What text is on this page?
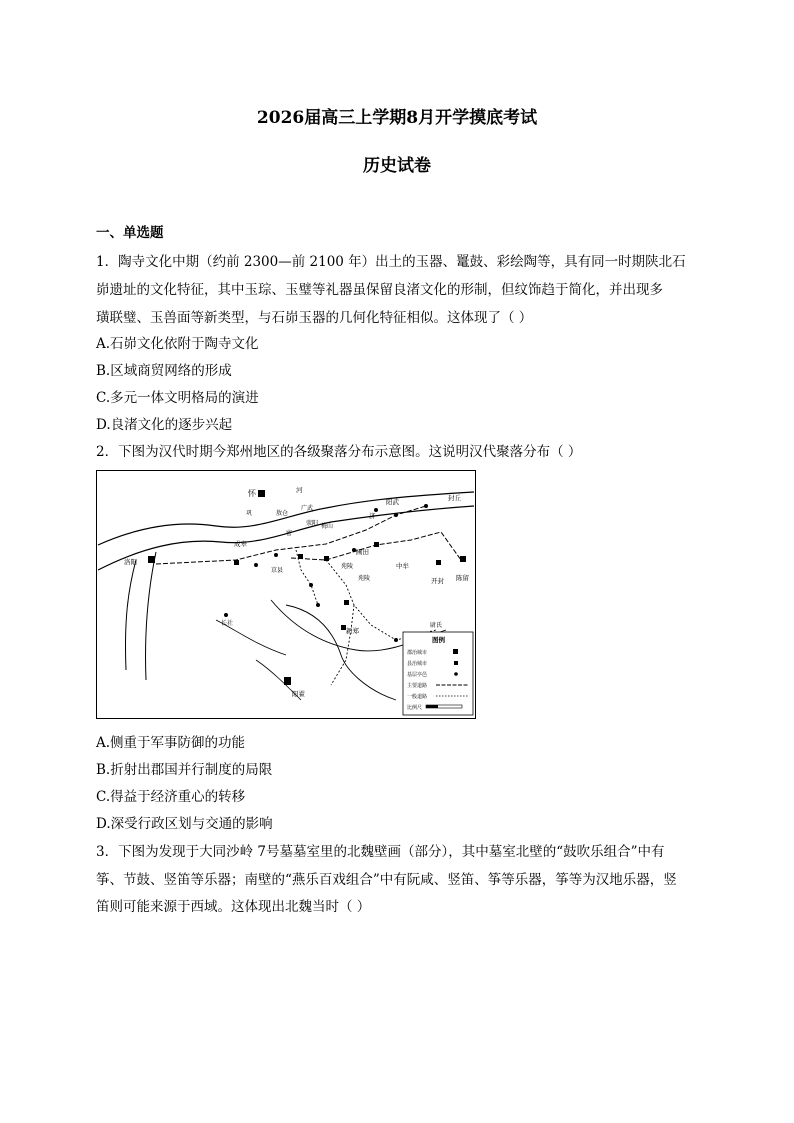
2026届高三上学期8月开学摸底考试
历史试卷
一、单选题
1．陶寺文化中期（约前 2300—前 2100 年）出土的玉器、鼍鼓、彩绘陶等，具有同一时期陕北石
峁遗址的文化特征，其中玉琮、玉璧等礼器虽保留良渚文化的形制，但纹饰趋于简化，并出现多
璜联璧、玉兽面等新类型，与石峁玉器的几何化特征相似。这体现了（ ）
A.石峁文化依附于陶寺文化
B.区域商贸网络的形成
C.多元一体文明格局的演进
D.良渚文化的逐步兴起
2．下图为汉代时期今郑州地区的各级聚落分布示意图。这说明汉代聚落分布（ ）
怀	河
敖仓
广武
阳武	封丘
济
荥阳
成皋
京县
梅山
巩
密
苑陵	中牟
开封 陈留
洛阳
新郑
阳翟
尉氏
苑陵
圃田
长社
图例
郡治城市
县治城市
基层亭邑
主要道路
一般道路
比例尺
A.侧重于军事防御的功能
B.折射出郡国并行制度的局限
C.得益于经济重心的转移
D.深受行政区划与交通的影响
3．下图为发现于大同沙岭 7号墓墓室里的北魏壁画（部分），其中墓室北壁的“鼓吹乐组合”中有
筝、节鼓、竖笛等乐器；南壁的“燕乐百戏组合”中有阮咸、竖笛、筝等乐器，筝等为汉地乐器，竖
笛则可能来源于西域。这体现出北魏当时（ ）
